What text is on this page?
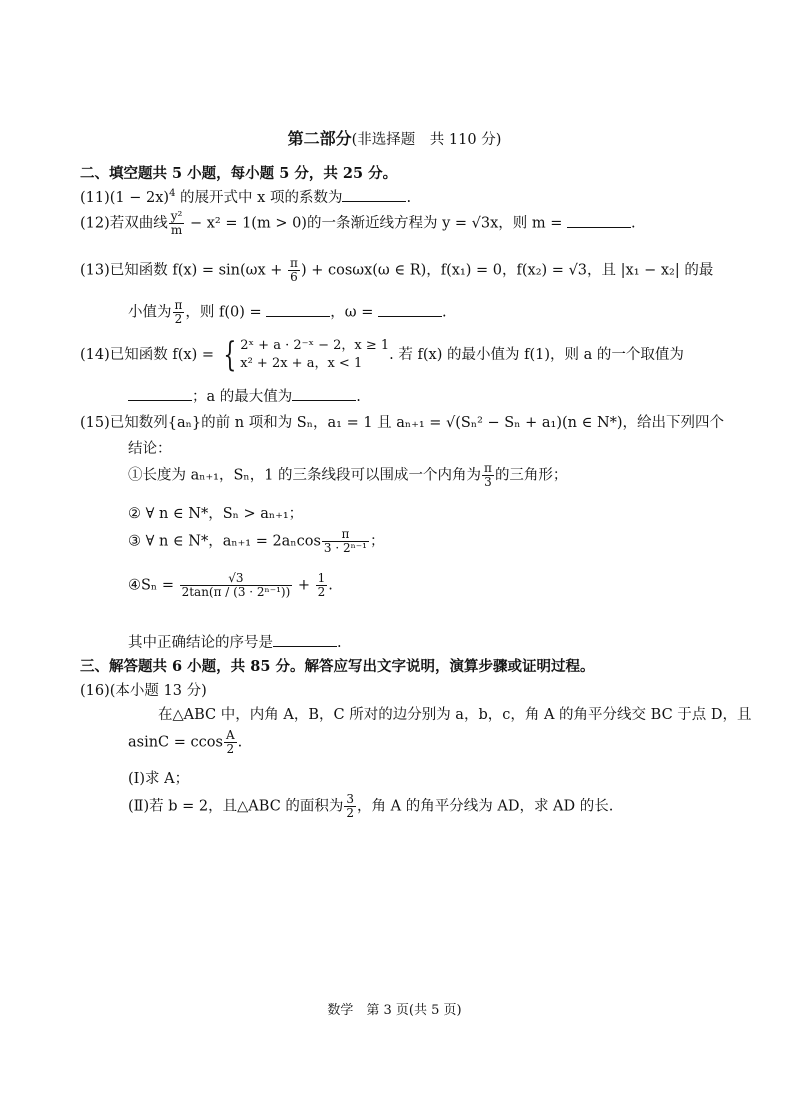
第二部分(非选择题　共 110 分)
二、填空题共 5 小题，每小题 5 分，共 25 分。
$(11)(1 - 2x)^4$ 的展开式中 x 项的系数为	.
(12)若双曲线 $\frac{\text{y²}}{m} - x^2 = 1(m > 0)$的一条渐近线方程为 y = √3x，则 m =	.
(13)已知函数 $f(x) = \sin(\omega x + \frac{\pi}{6}$ ) + cosωx(ω ∈ R)，f(x₁) = 0，f(x₂) = √3，且 |x₁ − x₂| 的最
小值为 $\frac{\pi}{2}$ ，则 f(0) =	，ω =	.
(14)已知函数 f(x) = { 2ˣ + a · 2⁻ˣ − 2，x ≥ 1
x² + 2x + a，x < 1
. 若 f(x) 的最小值为 f(1)，则 a 的一个取值为
；a 的最大值为	.
(15)已知数列{aₙ}的前 n 项和为 Sₙ，a₁ = 1 且 aₙ₊₁ = √(Sₙ² − Sₙ + a₁)(n ∈ N*)，给出下列四个
结论：
①长度为 aₙ₊₁，Sₙ，1 的三条线段可以围成一个内角为 $\frac{\pi}{3}$ 的三角形；
② ∀ n ∈ N*，Sₙ > aₙ₊₁；
③ ∀ n ∈ N*，$a_{n+1} = 2a_n\cos \frac{\pi}{\text{3 · 2ⁿ⁻¹}}$ ；
④Sₙ = $\frac{√3}{\text{2tan(π / (3 · 2ⁿ⁻¹))}} + \frac{1}{2}$ .
其中正确结论的序号是	.
三、解答题共 6 小题，共 85 分。解答应写出文字说明，演算步骤或证明过程。
(16)(本小题 13 分)
在△ABC 中，内角 A，B，C 所对的边分别为 a，b，c，角 A 的角平分线交 BC 于点 D，且
asinC = ccos $\frac{A}{2}$ .
(Ⅰ)求 A；
(Ⅱ)若 b = 2，且△ABC 的面积为 $\frac{3}{2}$ ，角 A 的角平分线为 AD，求 AD 的长.
数学　第 3 页(共 5 页)
